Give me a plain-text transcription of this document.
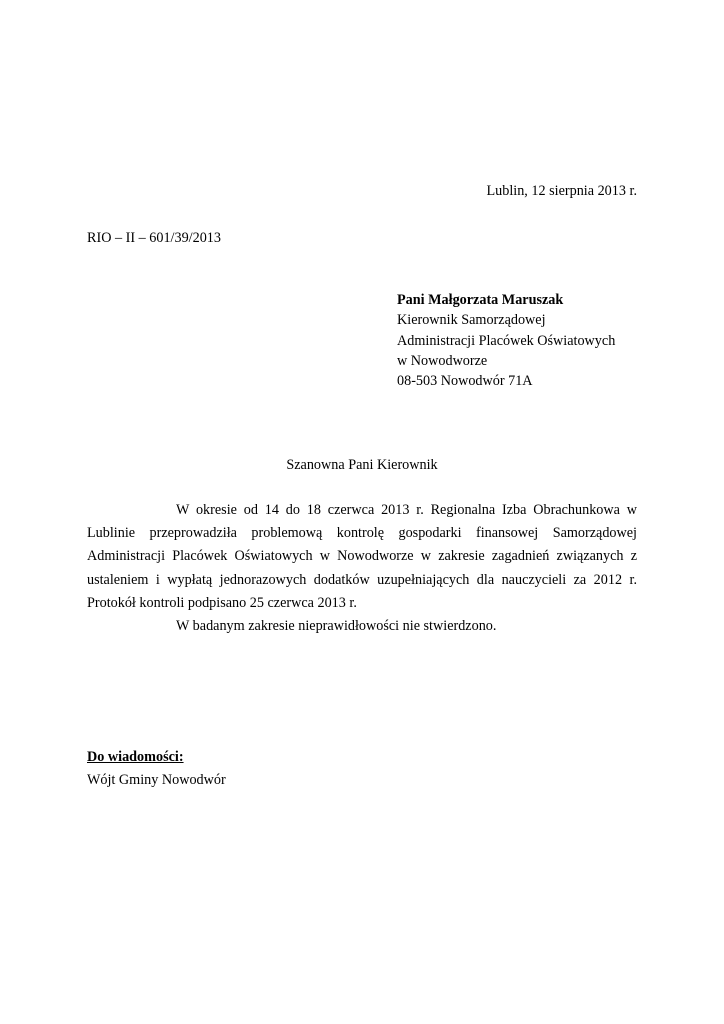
Lublin, 12 sierpnia 2013 r.
RIO – II – 601/39/2013
Pani Małgorzata Maruszak
Kierownik Samorządowej
Administracji Placówek Oświatowych
w Nowodworze
08-503 Nowodwór 71A
Szanowna Pani Kierownik

W okresie od 14 do 18 czerwca 2013 r. Regionalna Izba Obrachunkowa w Lublinie przeprowadziła problemową kontrolę gospodarki finansowej Samorządowej Administracji Placówek Oświatowych w Nowodworze w zakresie zagadnień związanych z ustaleniem i wypłatą jednorazowych dodatków uzupełniających dla nauczycieli za 2012 r. Protokół kontroli podpisano 25 czerwca 2013 r.

W badanym zakresie nieprawidłowości nie stwierdzono.

Do wiadomości:
Wójt Gminy Nowodwór
